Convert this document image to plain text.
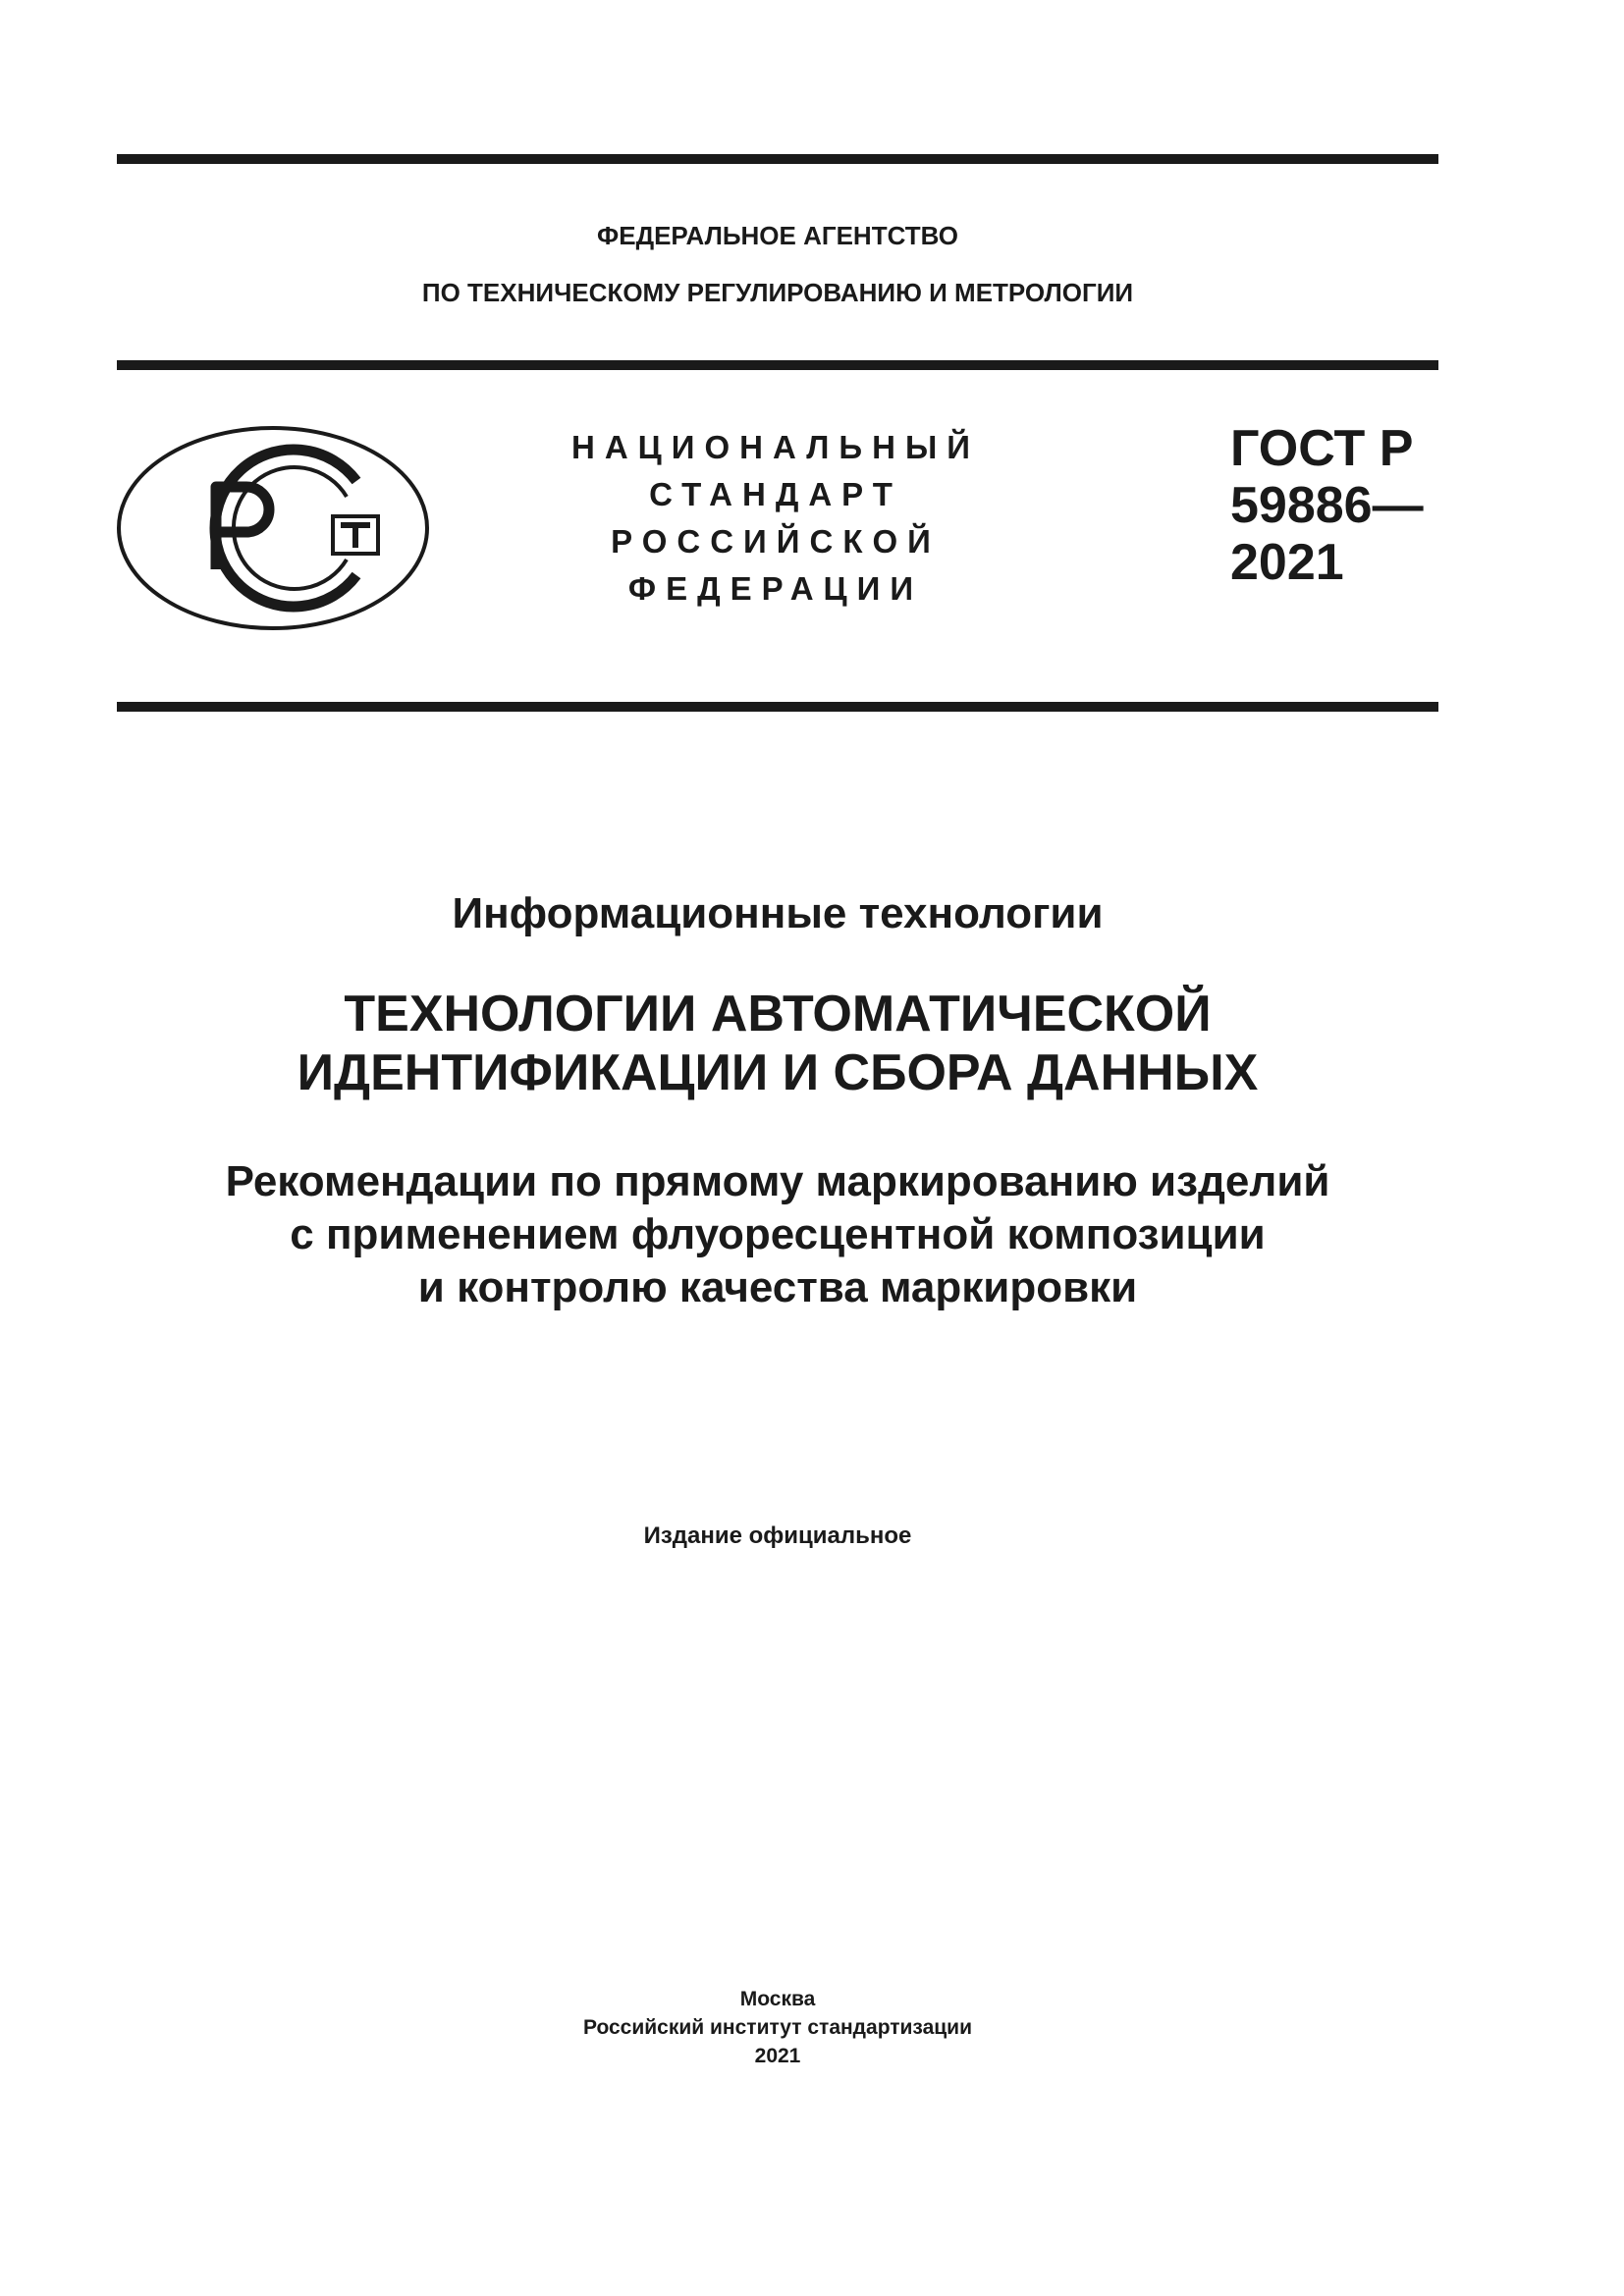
ФЕДЕРАЛЬНОЕ АГЕНТСТВО
ПО ТЕХНИЧЕСКОМУ РЕГУЛИРОВАНИЮ И МЕТРОЛОГИИ
НАЦИОНАЛЬНЫЙ
СТАНДАРТ
РОССИЙСКОЙ
ФЕДЕРАЦИИ
ГОСТ Р
59886—
2021
Информационные технологии
ТЕХНОЛОГИИ АВТОМАТИЧЕСКОЙ
ИДЕНТИФИКАЦИИ И СБОРА ДАННЫХ
Рекомендации по прямому маркированию изделий
с применением флуоресцентной композиции
и контролю качества маркировки
Издание официальное
Москва
Российский институт стандартизации
2021
